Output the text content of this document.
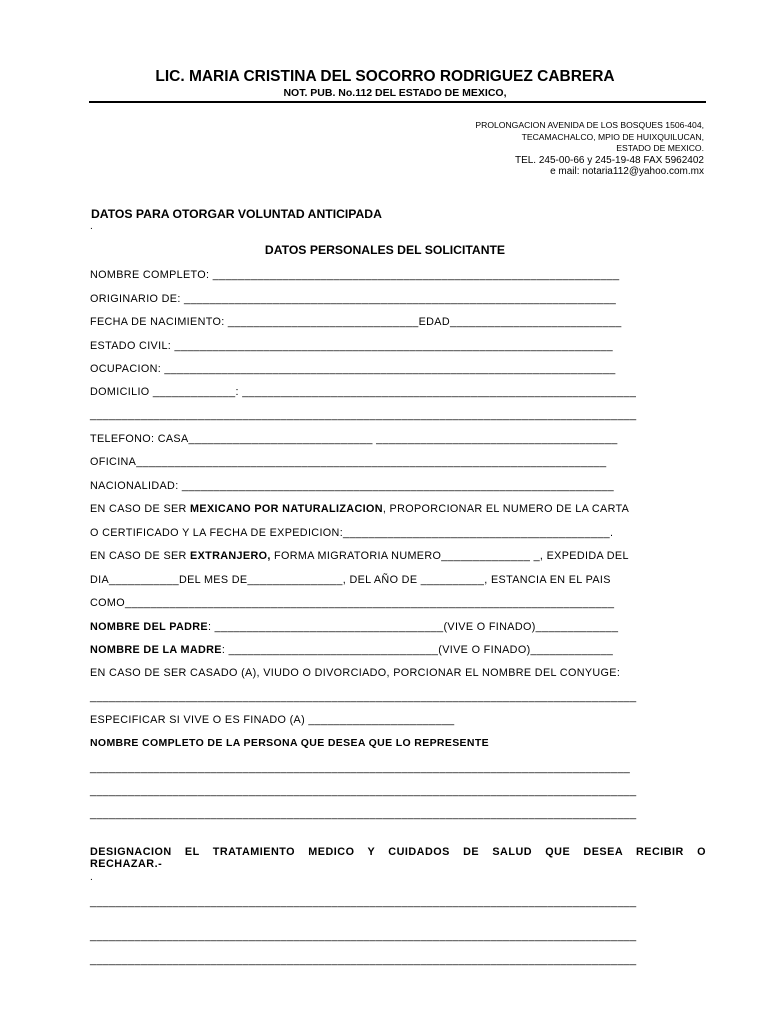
LIC. MARIA CRISTINA DEL SOCORRO RODRIGUEZ CABRERA
NOT. PUB. No.112 DEL ESTADO DE MEXICO,
PROLONGACION AVENIDA DE LOS BOSQUES 1506-404,
TECAMACHALCO, MPIO DE HUIXQUILUCAN,
ESTADO DE MEXICO.
TEL. 245-00-66 y 245-19-48 FAX 5962402
e mail: notaria112@yahoo.com.mx
DATOS PARA OTORGAR VOLUNTAD ANTICIPADA
.
DATOS PERSONALES DEL SOLICITANTE
NOMBRE COMPLETO: ________________________________________________________________
ORIGINARIO DE: ____________________________________________________________________
FECHA DE NACIMIENTO: ______________________________EDAD___________________________
ESTADO CIVIL: _____________________________________________________________________
OCUPACION: _______________________________________________________________________
DOMICILIO _____________: ______________________________________________________________
______________________________________________________________________________________
TELEFONO: CASA_____________________________ ______________________________________
OFICINA__________________________________________________________________________
NACIONALIDAD: ____________________________________________________________________
EN CASO DE SER MEXICANO POR NATURALIZACION, PROPORCIONAR EL NUMERO DE LA CARTA
O CERTIFICADO Y LA FECHA DE EXPEDICION:__________________________________________.
EN CASO DE SER EXTRANJERO, FORMA MIGRATORIA NUMERO______________ _, EXPEDIDA DEL
DIA___________DEL MES DE_______________, DEL AÑO DE __________, ESTANCIA EN EL PAIS
COMO_____________________________________________________________________________
NOMBRE DEL PADRE: ____________________________________(VIVE O FINADO)_____________
NOMBRE DE LA MADRE: _________________________________(VIVE O FINADO)_____________
EN CASO DE SER CASADO (A), VIUDO O DIVORCIADO, PORCIONAR EL NOMBRE DEL CONYUGE:
______________________________________________________________________________________
ESPECIFICAR SI VIVE O ES FINADO (A) _______________________
NOMBRE COMPLETO DE LA PERSONA QUE DESEA QUE LO REPRESENTE
_____________________________________________________________________________________
______________________________________________________________________________________
______________________________________________________________________________________
DESIGNACION EL TRATAMIENTO MEDICO Y CUIDADOS DE SALUD QUE DESEA RECIBIR O RECHAZAR.-
.
______________________________________________________________________________________
______________________________________________________________________________________
______________________________________________________________________________________
